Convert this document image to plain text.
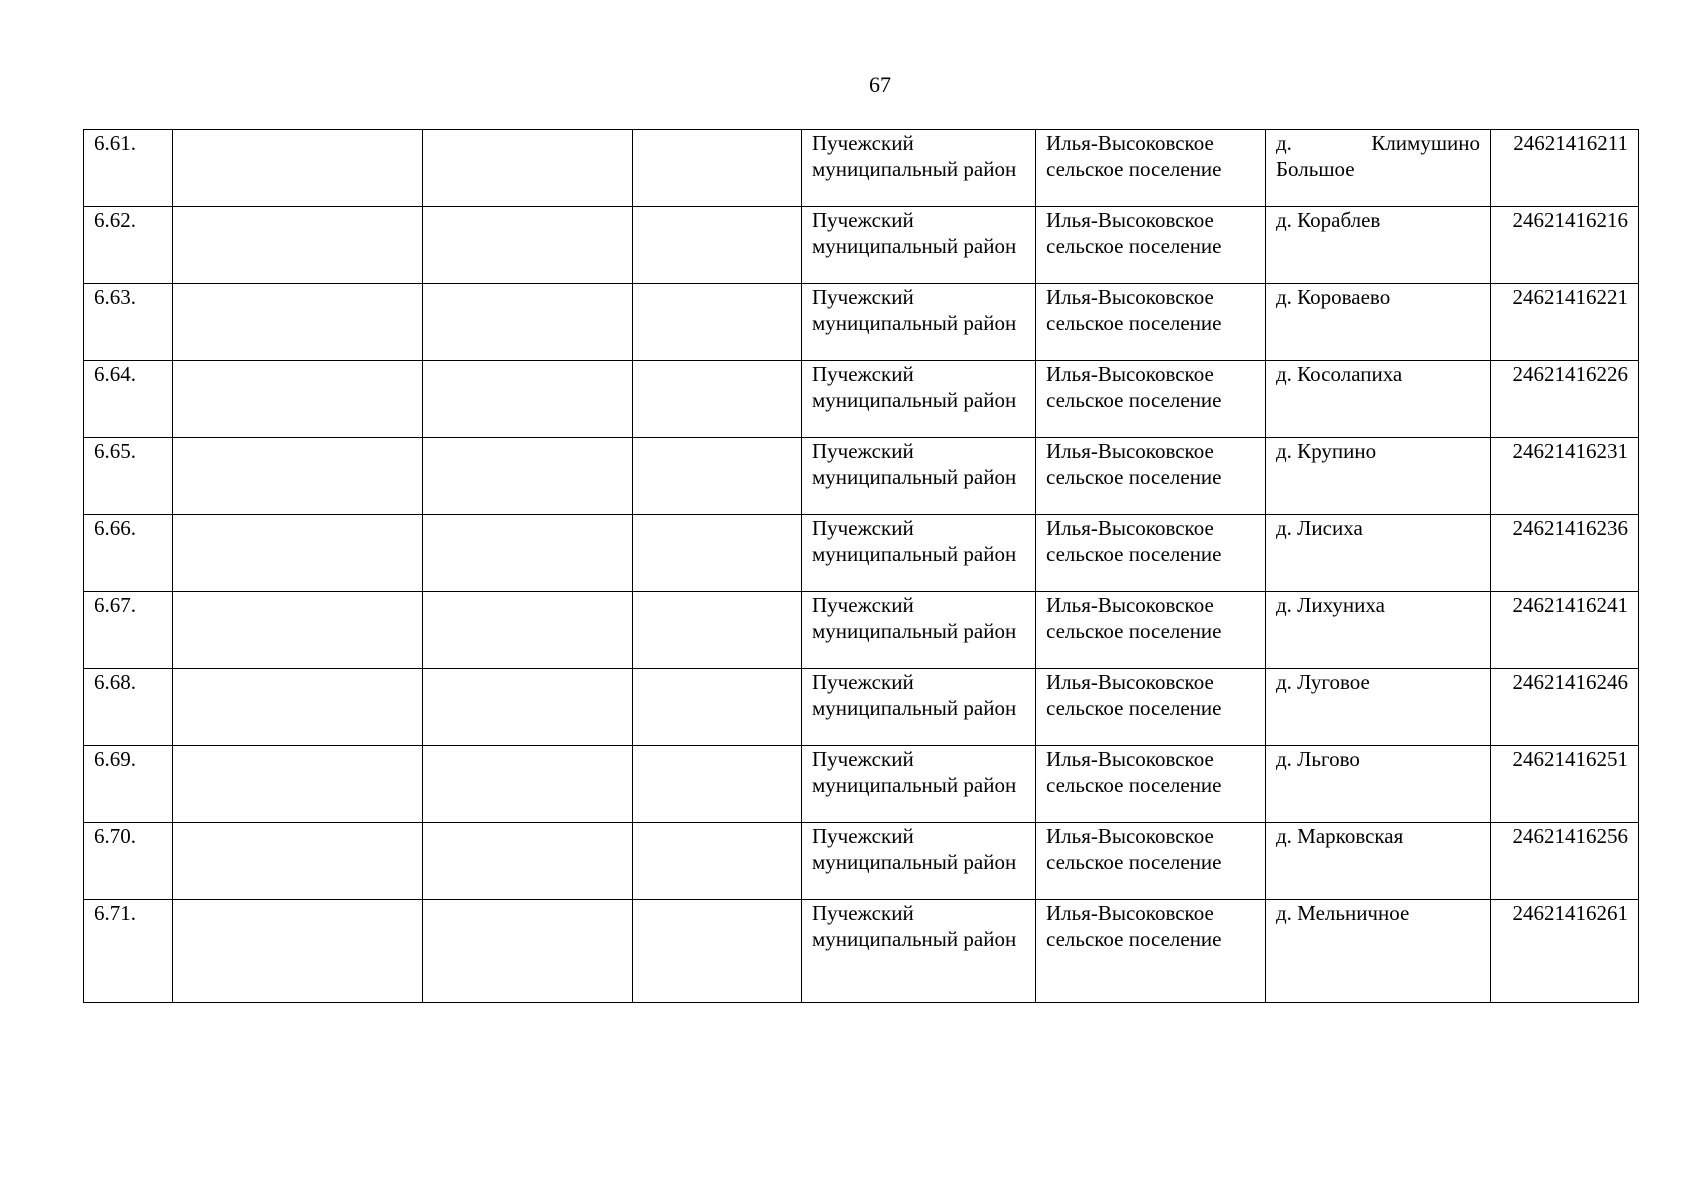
67
6.61.				Пучежский муниципальный район	Илья-Высоковское сельское поселение	д. Климушино Большое	24621416211
6.62.				Пучежский муниципальный район	Илья-Высоковское сельское поселение	д. Кораблев	24621416216
6.63.				Пучежский муниципальный район	Илья-Высоковское сельское поселение	д. Короваево	24621416221
6.64.				Пучежский муниципальный район	Илья-Высоковское сельское поселение	д. Косолапиха	24621416226
6.65.				Пучежский муниципальный район	Илья-Высоковское сельское поселение	д. Крупино	24621416231
6.66.				Пучежский муниципальный район	Илья-Высоковское сельское поселение	д. Лисиха	24621416236
6.67.				Пучежский муниципальный район	Илья-Высоковское сельское поселение	д. Лихуниха	24621416241
6.68.				Пучежский муниципальный район	Илья-Высоковское сельское поселение	д. Луговое	24621416246
6.69.				Пучежский муниципальный район	Илья-Высоковское сельское поселение	д. Льгово	24621416251
6.70.				Пучежский муниципальный район	Илья-Высоковское сельское поселение	д. Марковская	24621416256
6.71.				Пучежский муниципальный район	Илья-Высоковское сельское поселение	д. Мельничное	24621416261
